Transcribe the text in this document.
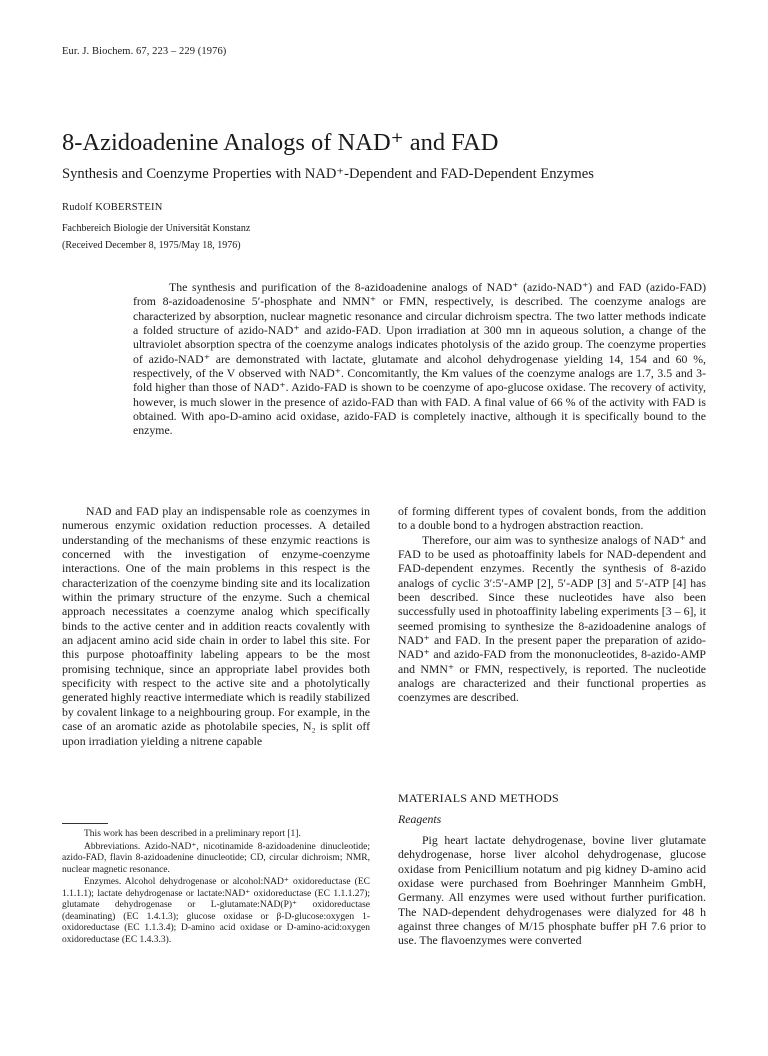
Eur. J. Biochem. 67, 223 – 229 (1976)
8-Azidoadenine Analogs of NAD⁺ and FAD
Synthesis and Coenzyme Properties with NAD⁺-Dependent and FAD-Dependent Enzymes
Rudolf KOBERSTEIN
Fachbereich Biologie der Universität Konstanz
(Received December 8, 1975/May 18, 1976)
The synthesis and purification of the 8-azidoadenine analogs of NAD⁺ (azido-NAD⁺) and FAD (azido-FAD) from 8-azidoadenosine 5′-phosphate and NMN⁺ or FMN, respectively, is described. The coenzyme analogs are characterized by absorption, nuclear magnetic resonance and circular dichroism spectra. The two latter methods indicate a folded structure of azido-NAD⁺ and azido-FAD. Upon irradiation at 300 mn in aqueous solution, a change of the ultraviolet absorption spectra of the coenzyme analogs indicates photolysis of the azido group. The coenzyme properties of azido-NAD⁺ are demonstrated with lactate, glutamate and alcohol dehydrogenase yielding 14, 154 and 60 %, respectively, of the V observed with NAD⁺. Concomitantly, the Km values of the coenzyme analogs are 1.7, 3.5 and 3-fold higher than those of NAD⁺. Azido-FAD is shown to be coenzyme of apo-glucose oxidase. The recovery of activity, however, is much slower in the presence of azido-FAD than with FAD. A final value of 66 % of the activity with FAD is obtained. With apo-D-amino acid oxidase, azido-FAD is completely inactive, although it is specifically bound to the enzyme.

NAD and FAD play an indispensable role as coenzymes in numerous enzymic oxidation reduction processes. A detailed understanding of the mechanisms of these enzymic reactions is concerned with the investigation of enzyme-coenzyme interactions. One of the main problems in this respect is the characterization of the coenzyme binding site and its localization within the primary structure of the enzyme. Such a chemical approach necessitates a coenzyme analog which specifically binds to the active center and in addition reacts covalently with an adjacent amino acid side chain in order to label this site. For this purpose photoaffinity labeling appears to be the most promising technique, since an appropriate label provides both specificity with respect to the active site and a photolytically generated highly reactive intermediate which is readily stabilized by covalent linkage to a neighbouring group. For example, in the case of an aromatic azide as photolabile species, N₂ is split off upon irradiation yielding a nitrene capable

of forming different types of covalent bonds, from the addition to a double bond to a hydrogen abstraction reaction.

Therefore, our aim was to synthesize analogs of NAD⁺ and FAD to be used as photoaffinity labels for NAD-dependent and FAD-dependent enzymes. Recently the synthesis of 8-azido analogs of cyclic 3′:5′-AMP [2], 5′-ADP [3] and 5′-ATP [4] has been described. Since these nucleotides have also been successfully used in photoaffinity labeling experiments [3 – 6], it seemed promising to synthesize the 8-azidoadenine analogs of NAD⁺ and FAD. In the present paper the preparation of azido-NAD⁺ and azido-FAD from the mononucleotides, 8-azido-AMP and NMN⁺ or FMN, respectively, is reported. The nucleotide analogs are characterized and their functional properties as coenzymes are described.

MATERIALS AND METHODS
Reagents

Pig heart lactate dehydrogenase, bovine liver glutamate dehydrogenase, horse liver alcohol dehydrogenase, glucose oxidase from Penicillium notatum and pig kidney D-amino acid oxidase were purchased from Boehringer Mannheim GmbH, Germany. All enzymes were used without further purification. The NAD-dependent dehydrogenases were dialyzed for 48 h against three changes of M/15 phosphate buffer pH 7.6 prior to use. The flavoenzymes were converted

This work has been described in a preliminary report [1].

Abbreviations. Azido-NAD⁺, nicotinamide 8-azidoadenine dinucleotide; azido-FAD, flavin 8-azidoadenine dinucleotide; CD, circular dichroism; NMR, nuclear magnetic resonance.

Enzymes. Alcohol dehydrogenase or alcohol:NAD⁺ oxidoreductase (EC 1.1.1.1); lactate dehydrogenase or lactate:NAD⁺ oxidoreductase (EC 1.1.1.27); glutamate dehydrogenase or L-glutamate:NAD(P)⁺ oxidoreductase (deaminating) (EC 1.4.1.3); glucose oxidase or β-D-glucose:oxygen 1-oxidoreductase (EC 1.1.3.4); D-amino acid oxidase or D-amino-acid:oxygen oxidoreductase (EC 1.4.3.3).
